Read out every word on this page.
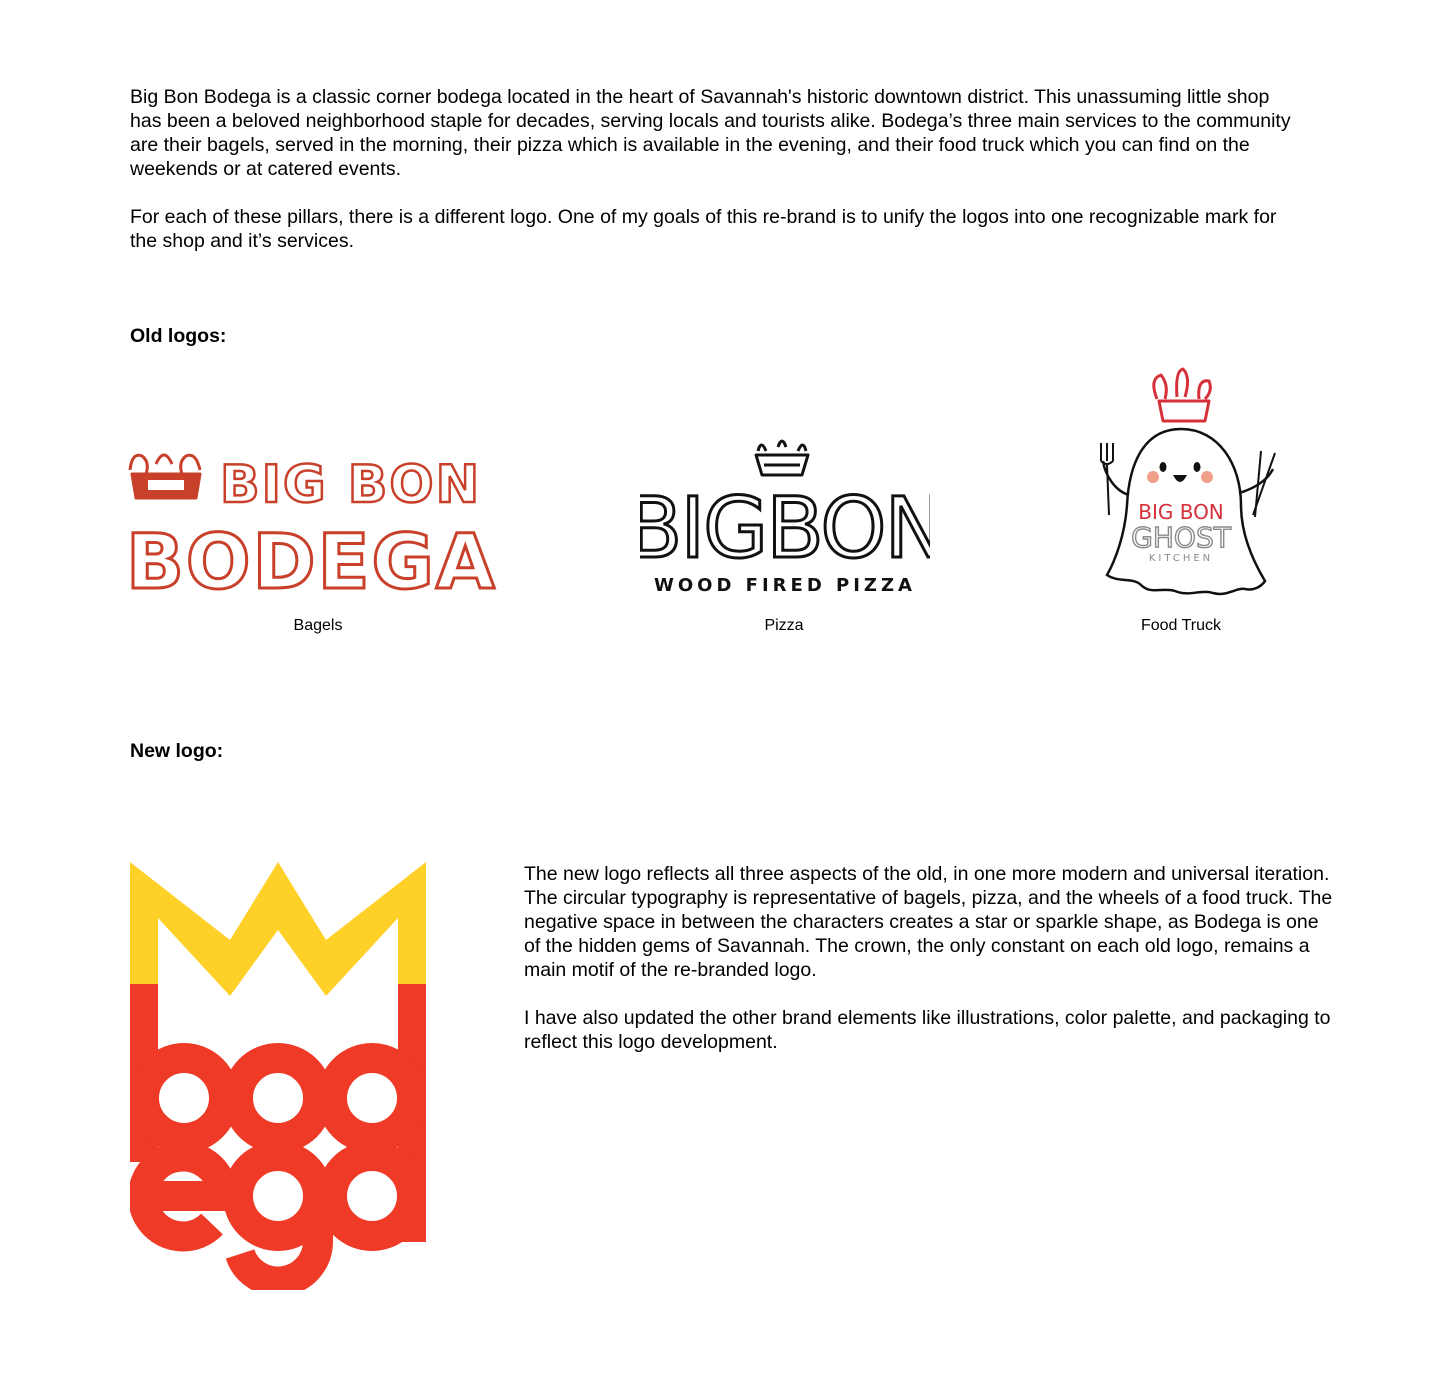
Big Bon Bodega is a classic corner bodega located in the heart of Savannah's historic downtown district. This unassuming little shop has been a beloved neighborhood staple for decades, serving locals and tourists alike. Bodega’s three main services to the community are their bagels, served in the morning, their pizza which is available in the evening, and their food truck which you can find on the weekends or at catered events.

For each of these pillars, there is a different logo. One of my goals of this re-brand is to unify the logos into one recognizable mark for the shop and it’s services.

Old logos:
BIG BON
BODEGA

Bagels

BIGBON
WOOD FIRED PIZZA

Pizza

BIG BON
GHOST
KITCHEN

Food Truck

New logo:

The new logo reflects all three aspects of the old, in one more modern and universal iteration. The circular typography is representative of bagels, pizza, and the wheels of a food truck. The negative space in between the characters creates a star or sparkle shape, as Bodega is one of the hidden gems of Savannah. The crown, the only constant on each old logo, remains a main motif of the re-branded logo.

I have also updated the other brand elements like illustrations, color palette, and packaging to reflect this logo development.
